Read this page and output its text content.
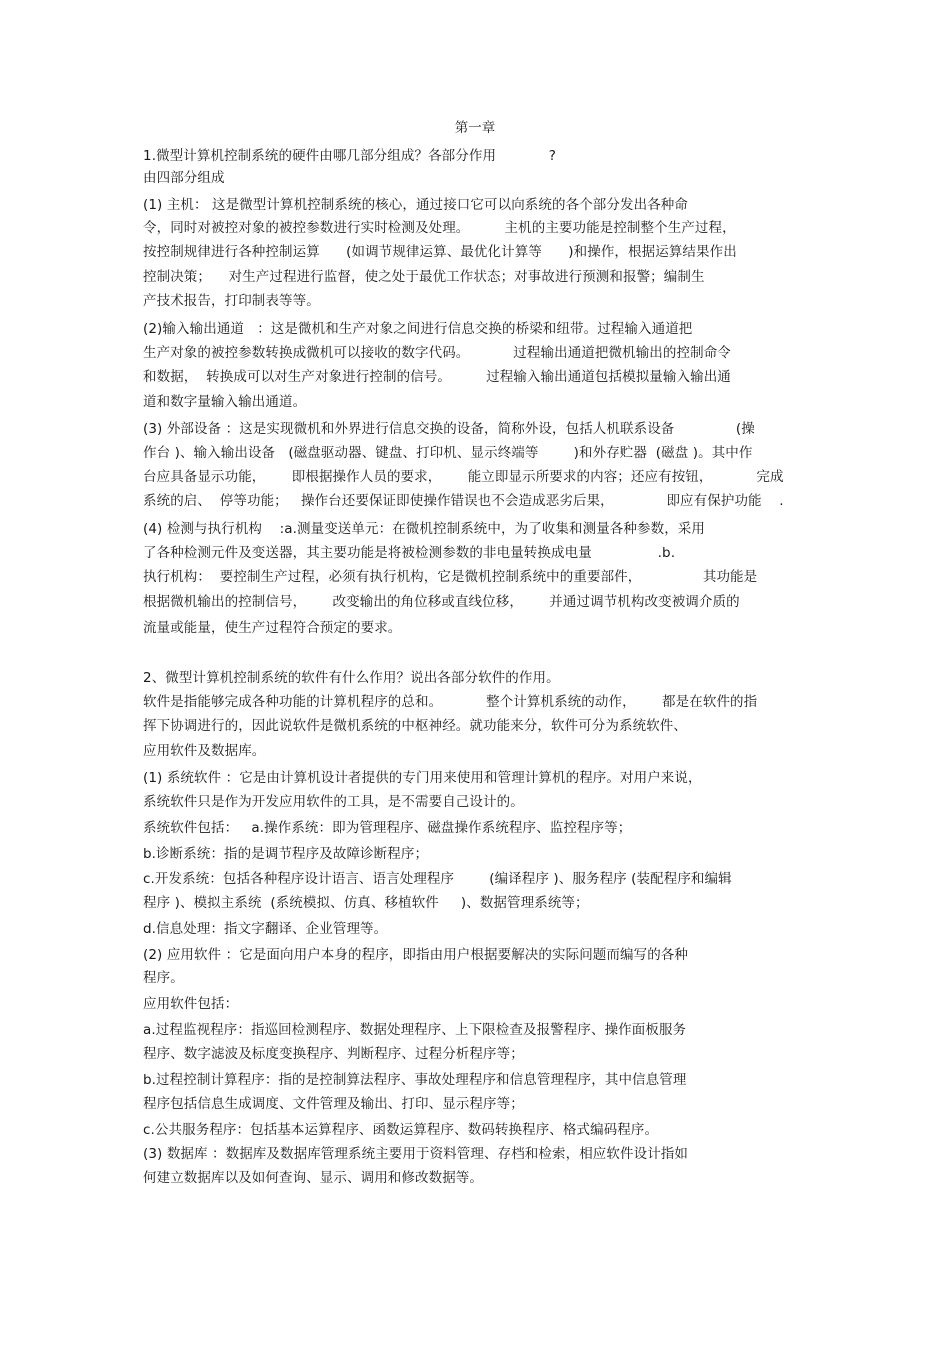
第一章
1.微型计算机控制系统的硬件由哪几部分组成？各部分作用            ?
由四部分组成
(1) 主机： 这是微型计算机控制系统的核心，通过接口它可以向系统的各个部分发出各种命
令，同时对被控对象的被控参数进行实时检测及处理。        主机的主要功能是控制整个生产过程，
按控制规律进行各种控制运算      (如调节规律运算、最优化计算等      )和操作，根据运算结果作出
控制决策；    对生产过程进行监督，使之处于最优工作状态；对事故进行预测和报警；编制生
产技术报告，打印制表等等。
(2)输入输出通道   ：这是微机和生产对象之间进行信息交换的桥梁和纽带。过程输入通道把
生产对象的被控参数转换成微机可以接收的数字代码。          过程输出通道把微机输出的控制命令
和数据，  转换成可以对生产对象进行控制的信号。        过程输入输出通道包括模拟量输入输出通
道和数字量输入输出通道。
(3) 外部设备 ：这是实现微机和外界进行信息交换的设备，简称外设，包括人机联系设备              (操
作台 )、输入输出设备   (磁盘驱动器、键盘、打印机、显示终端等        )和外存贮器  (磁盘 )。其中作
台应具备显示功能，      即根据操作人员的要求，      能立即显示所要求的内容；还应有按钮，          完成
系统的启、  停等功能；   操作台还要保证即使操作错误也不会造成恶劣后果，            即应有保护功能    .
(4) 检测与执行机构    :a.测量变送单元：在微机控制系统中，为了收集和测量各种参数，采用
了各种检测元件及变送器，其主要功能是将被检测参数的非电量转换成电量               .b.
执行机构：  要控制生产过程，必须有执行机构，它是微机控制系统中的重要部件，              其功能是
根据微机输出的控制信号，      改变输出的角位移或直线位移，      并通过调节机构改变被调介质的
流量或能量，使生产过程符合预定的要求。
2、微型计算机控制系统的软件有什么作用？说出各部分软件的作用。
软件是指能够完成各种功能的计算机程序的总和。          整个计算机系统的动作，      都是在软件的指
挥下协调进行的，因此说软件是微机系统的中枢神经。就功能来分，软件可分为系统软件、
应用软件及数据库。
(1) 系统软件 ：它是由计算机设计者提供的专门用来使用和管理计算机的程序。对用户来说，
系统软件只是作为开发应用软件的工具，是不需要自己设计的。
系统软件包括：   a.操作系统：即为管理程序、磁盘操作系统程序、监控程序等；
b.诊断系统：指的是调节程序及故障诊断程序；
c.开发系统：包括各种程序设计语言、语言处理程序        (编译程序 )、服务程序 (装配程序和编辑
程序 )、模拟主系统  (系统模拟、仿真、移植软件     )、数据管理系统等；
d.信息处理：指文字翻译、企业管理等。
(2) 应用软件 ：它是面向用户本身的程序，即指由用户根据要解决的实际问题而编写的各种
程序。
应用软件包括：
a.过程监视程序：指巡回检测程序、数据处理程序、上下限检查及报警程序、操作面板服务
程序、数字滤波及标度变换程序、判断程序、过程分析程序等；
b.过程控制计算程序：指的是控制算法程序、事故处理程序和信息管理程序，其中信息管理
程序包括信息生成调度、文件管理及输出、打印、显示程序等；
c.公共服务程序：包括基本运算程序、函数运算程序、数码转换程序、格式编码程序。
(3) 数据库 ：数据库及数据库管理系统主要用于资料管理、存档和检索，相应软件设计指如
何建立数据库以及如何查询、显示、调用和修改数据等。
